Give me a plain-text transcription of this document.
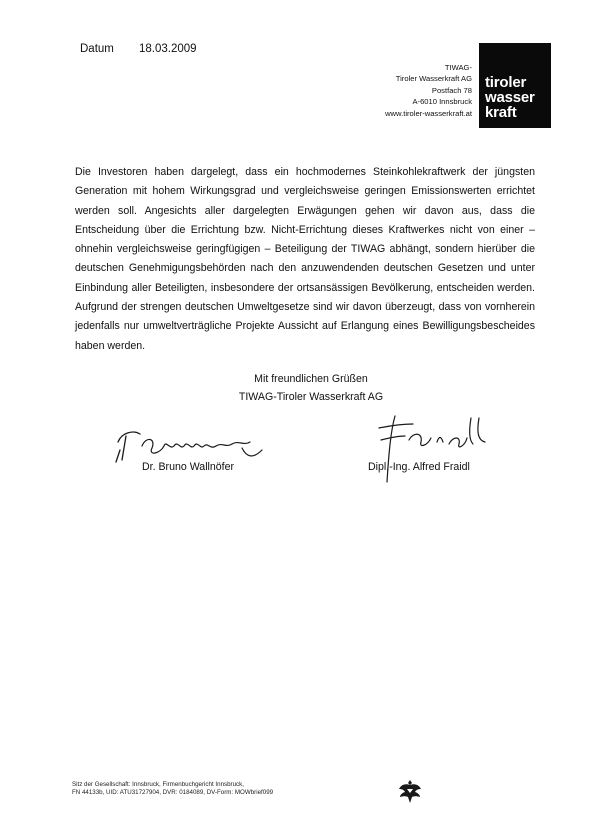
Datum 18.03.2009
TIWAG-
Tiroler Wasserkraft AG
Postfach 78
A-6010 Innsbruck
www.tiroler-wasserkraft.at
tiroler
wasser
kraft
Die Investoren haben dargelegt, dass ein hochmodernes Steinkohlekraftwerk der jüngsten Generation mit hohem Wirkungsgrad und vergleichsweise geringen Emissionswerten errichtet werden soll. Angesichts aller dargelegten Erwägungen gehen wir davon aus, dass die Entscheidung über die Errichtung bzw. Nicht-Errichtung dieses Kraftwerkes nicht von einer – ohnehin vergleichsweise geringfügigen – Beteiligung der TIWAG abhängt, sondern hierüber die deutschen Genehmigungsbehörden nach den anzuwendenden deutschen Gesetzen und unter Einbindung aller Beteiligten, insbesondere der ortsansässigen Bevölkerung, entscheiden werden. Aufgrund der strengen deutschen Umweltgesetze sind wir davon überzeugt, dass von vornherein jedenfalls nur umweltverträgliche Projekte Aussicht auf Erlangung eines Bewilligungsbescheides haben werden.
Mit freundlichen Grüßen
TIWAG-Tiroler Wasserkraft AG
Dr. Bruno Wallnöfer	Dipl.-Ing. Alfred Fraidl
Sitz der Gesellschaft: Innsbruck, Firmenbuchgericht Innsbruck,
FN 44133b, UID: ATU31727904, DVR: 0184089, DV-Form: MOWbrief099
